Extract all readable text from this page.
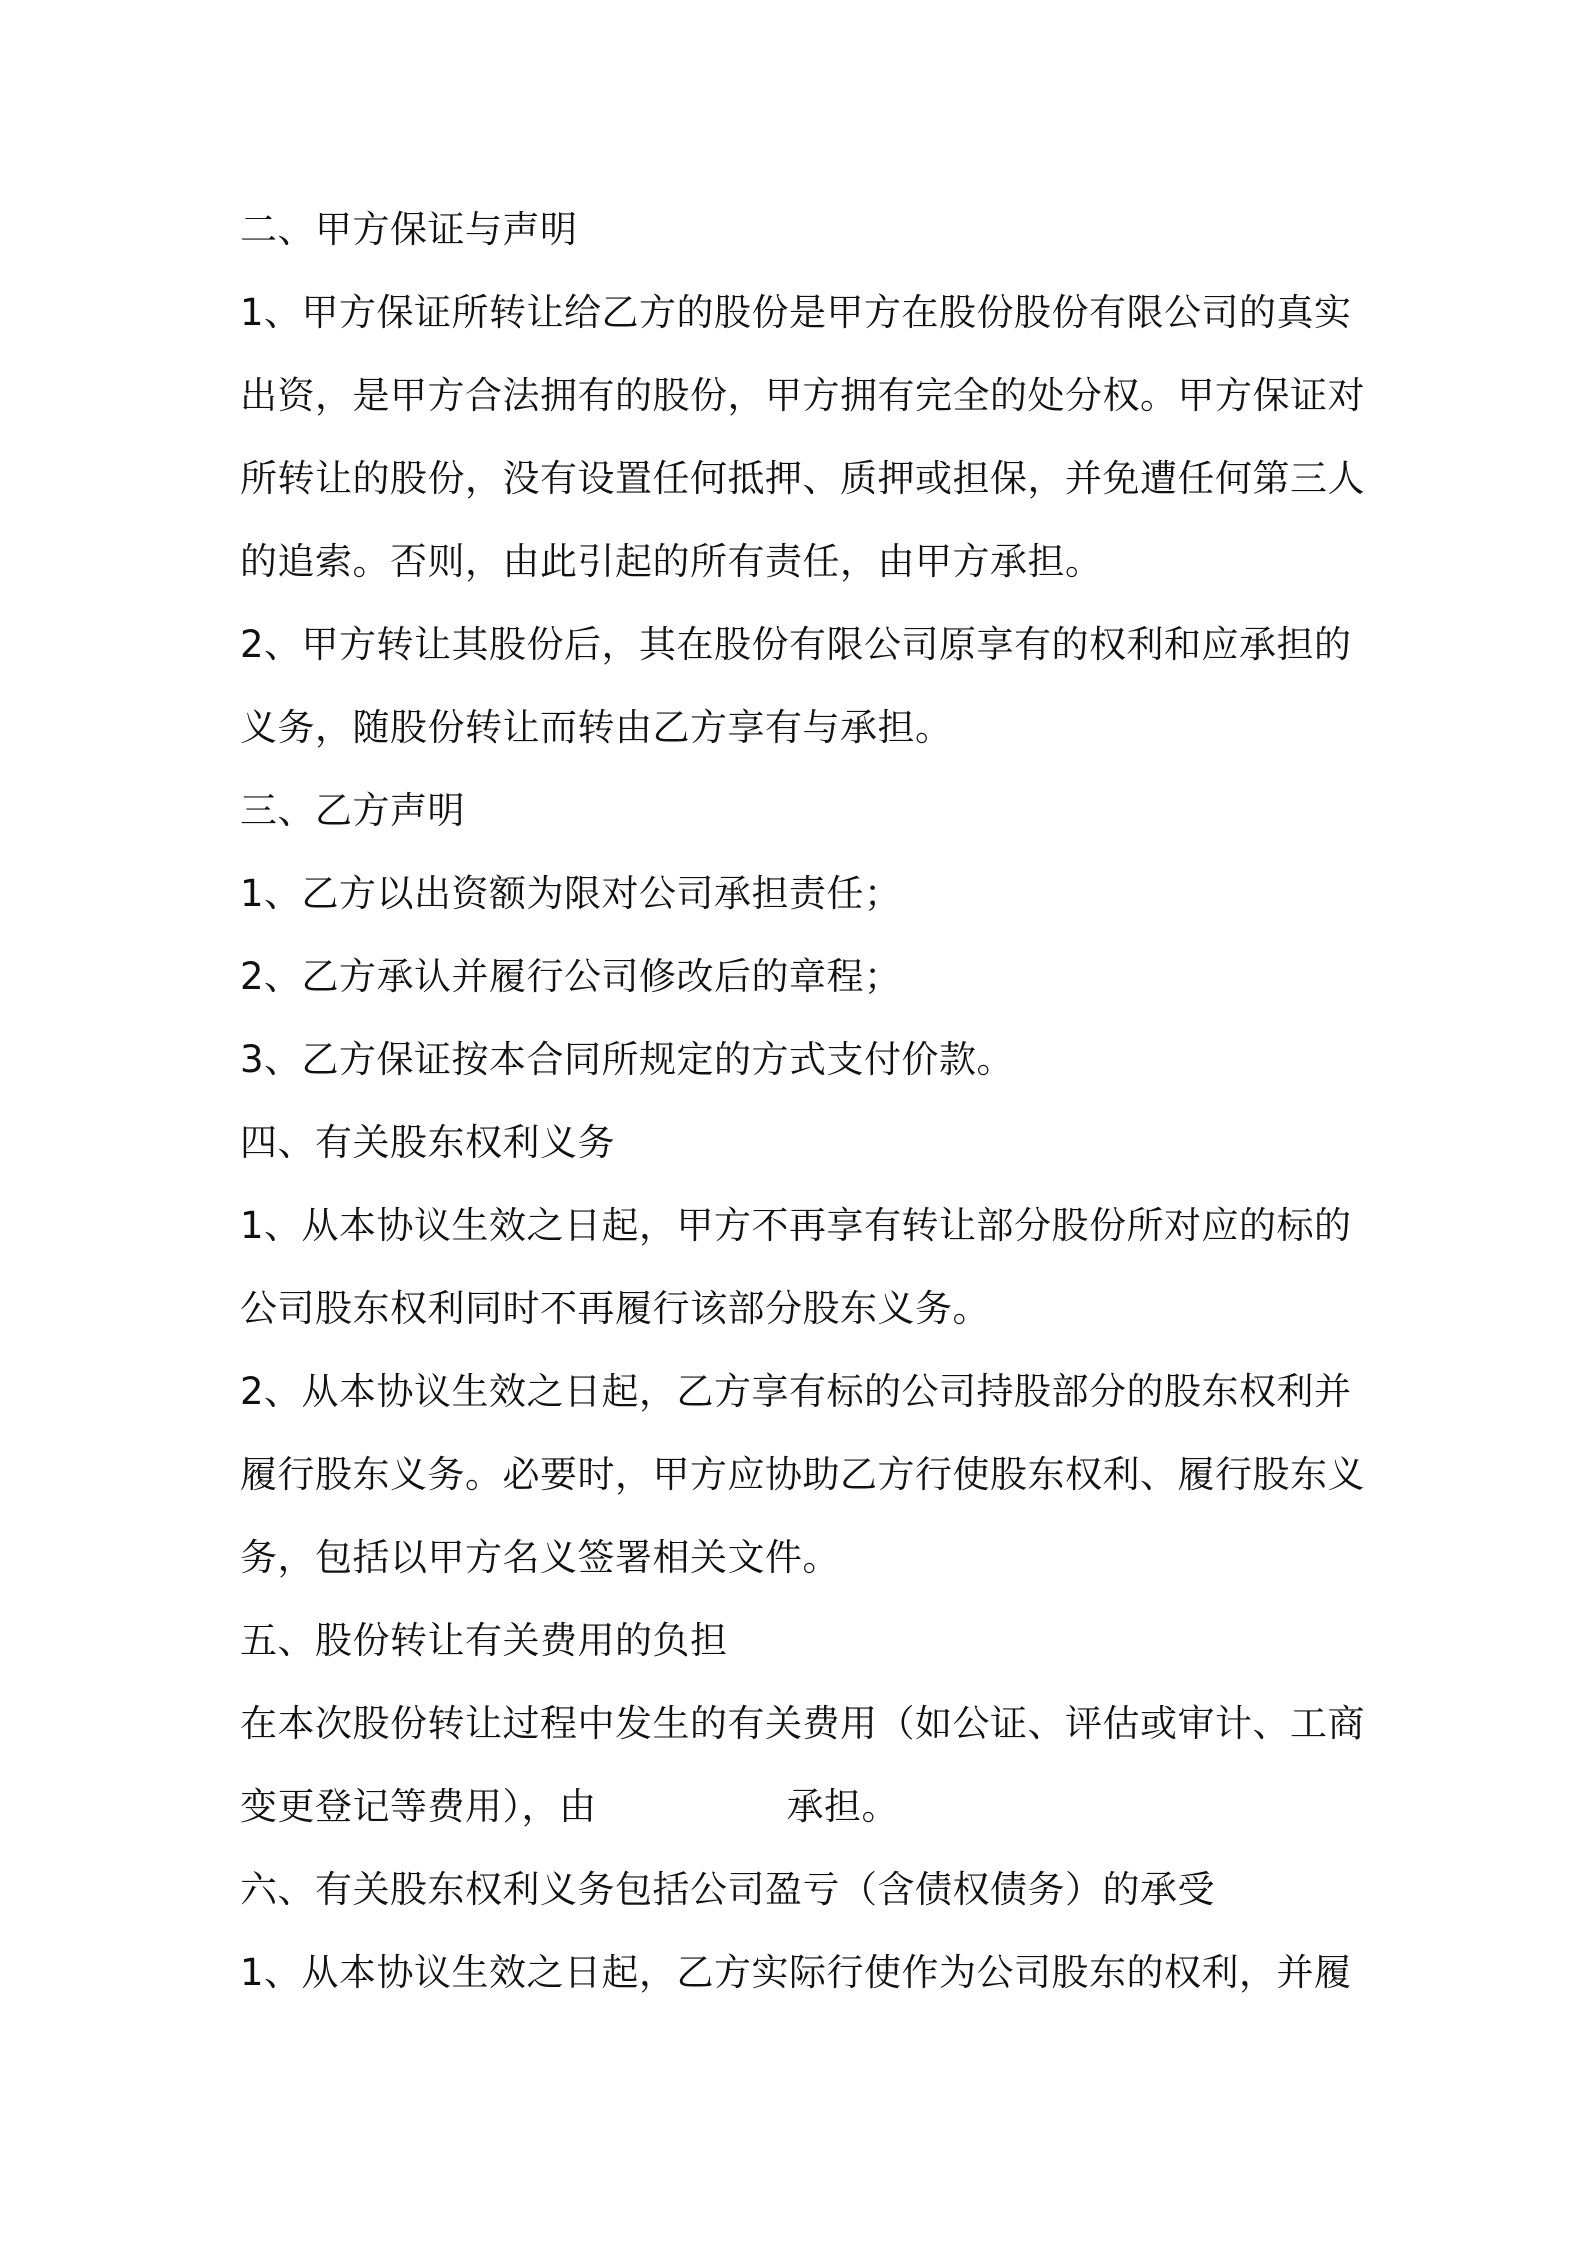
二、甲方保证与声明
1、甲方保证所转让给乙方的股份是甲方在股份股份有限公司的真实
出资，是甲方合法拥有的股份，甲方拥有完全的处分权。甲方保证对
所转让的股份，没有设置任何抵押、质押或担保，并免遭任何第三人
的追索。否则，由此引起的所有责任，由甲方承担。
2、甲方转让其股份后，其在股份有限公司原享有的权利和应承担的
义务，随股份转让而转由乙方享有与承担。
三、乙方声明
1、乙方以出资额为限对公司承担责任；
2、乙方承认并履行公司修改后的章程；
3、乙方保证按本合同所规定的方式支付价款。
四、有关股东权利义务
1、从本协议生效之日起，甲方不再享有转让部分股份所对应的标的
公司股东权利同时不再履行该部分股东义务。
2、从本协议生效之日起，乙方享有标的公司持股部分的股东权利并
履行股东义务。必要时，甲方应协助乙方行使股东权利、履行股东义
务，包括以甲方名义签署相关文件。
五、股份转让有关费用的负担
在本次股份转让过程中发生的有关费用（如公证、评估或审计、工商
变更登记等费用），由	承担。
六、有关股东权利义务包括公司盈亏（含债权债务）的承受
1、从本协议生效之日起，乙方实际行使作为公司股东的权利，并履
